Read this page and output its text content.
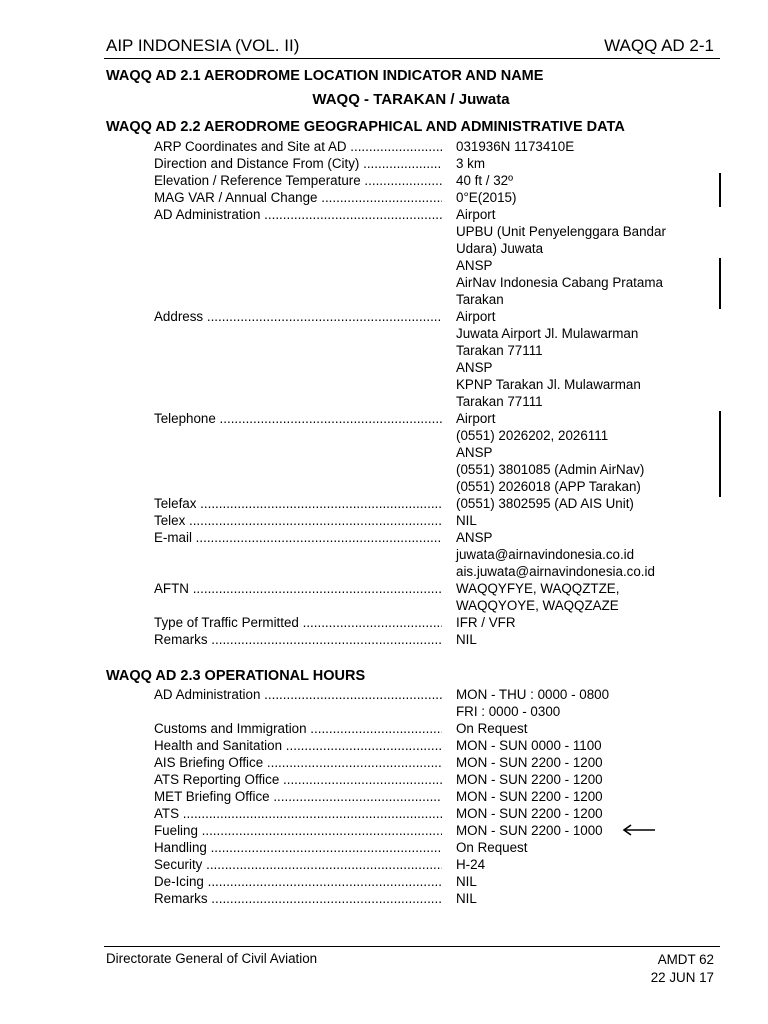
AIP INDONESIA (VOL. II)	WAQQ AD 2-1
WAQQ AD 2.1 AERODROME LOCATION INDICATOR AND NAME
WAQQ - TARAKAN / Juwata
WAQQ AD 2.2 AERODROME GEOGRAPHICAL AND ADMINISTRATIVE DATA
ARP Coordinates and Site at AD .....	031936N 1173410E
Direction and Distance From (City) .....	3 km
Elevation / Reference Temperature .....	40 ft / 32º
MAG VAR / Annual Change .....	0°E(2015)
AD Administration .....	Airport
UPBU (Unit Penyelenggara Bandar
Udara) Juwata
ANSP
AirNav Indonesia Cabang Pratama
Tarakan
Address .....	Airport
Juwata Airport Jl. Mulawarman
Tarakan 77111
ANSP
KPNP Tarakan Jl. Mulawarman
Tarakan 77111
Telephone .....	Airport
(0551) 2026202, 2026111
ANSP
(0551) 3801085 (Admin AirNav)
(0551) 2026018 (APP Tarakan)
Telefax .....	(0551) 3802595 (AD AIS Unit)
Telex .....	NIL
E-mail .....	ANSP
juwata@airnavindonesia.co.id
ais.juwata@airnavindonesia.co.id
AFTN .....	WAQQYFYE, WAQQZTZE,
WAQQYOYE, WAQQZAZE
Type of Traffic Permitted .....	IFR / VFR
Remarks .....	NIL
WAQQ AD 2.3 OPERATIONAL HOURS
AD Administration .....	MON - THU : 0000 - 0800
FRI : 0000 - 0300
Customs and Immigration .....	On Request
Health and Sanitation .....	MON - SUN 0000 - 1100
AIS Briefing Office .....	MON - SUN 2200 - 1200
ATS Reporting Office .....	MON - SUN 2200 - 1200
MET Briefing Office .....	MON - SUN 2200 - 1200
ATS .....	MON - SUN 2200 - 1200
Fueling .....	MON - SUN 2200 - 1000
Handling .....	On Request
Security .....	H-24
De-Icing .....	NIL
Remarks .....	NIL
Directorate General of Civil Aviation	AMDT 62
22 JUN 17
